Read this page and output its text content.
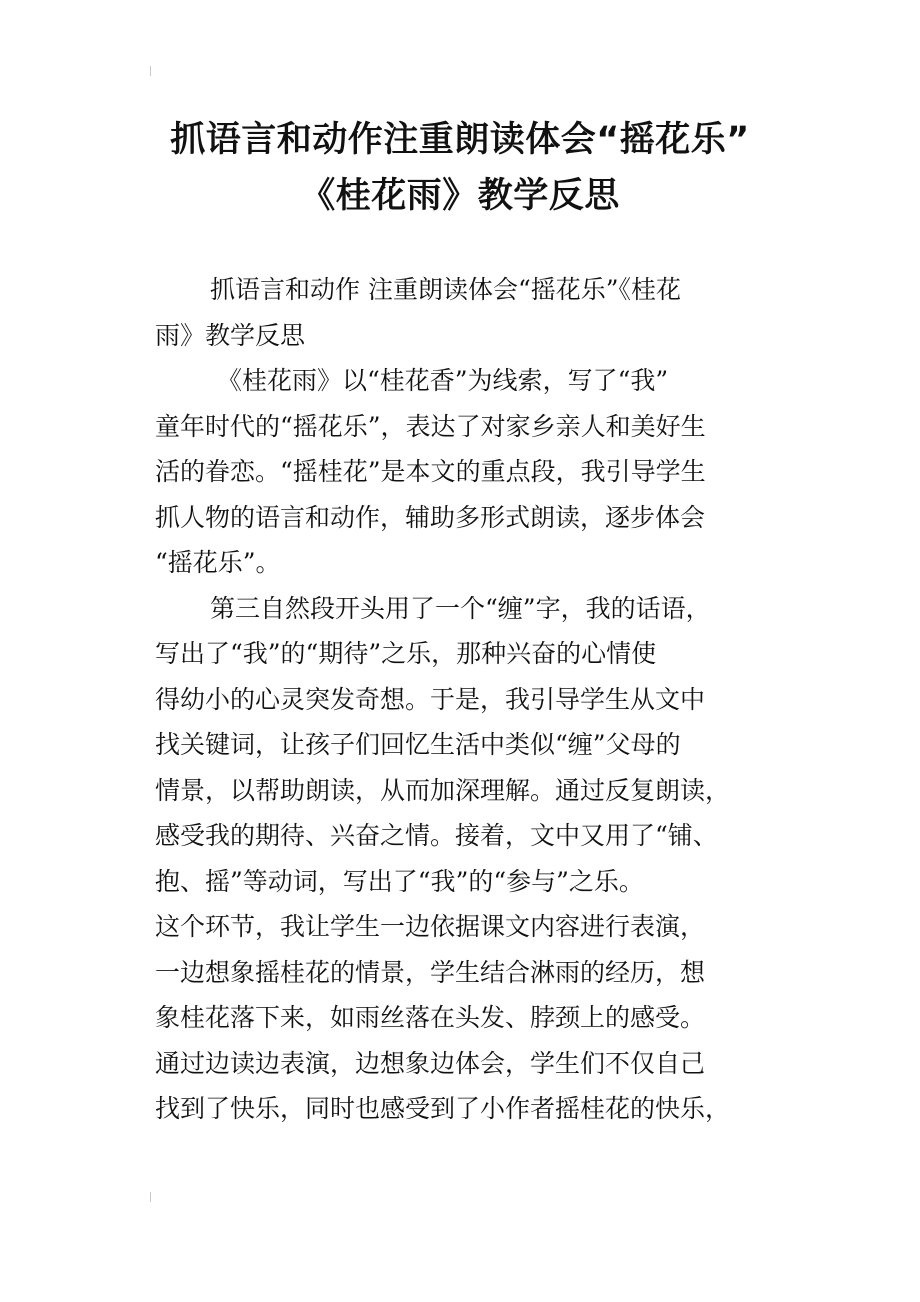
抓语言和动作注重朗读体会“摇花乐”
《桂花雨》教学反思
抓语言和动作 注重朗读体会“摇花乐”《桂花
雨》教学反思
《桂花雨》以“桂花香”为线索，写了“我”
童年时代的“摇花乐”，表达了对家乡亲人和美好生
活的眷恋。“摇桂花”是本文的重点段，我引导学生
抓人物的语言和动作，辅助多形式朗读，逐步体会
“摇花乐”。
第三自然段开头用了一个“缠”字，我的话语，
写出了“我”的“期待”之乐，那种兴奋的心情使
得幼小的心灵突发奇想。于是，我引导学生从文中
找关键词，让孩子们回忆生活中类似“缠”父母的
情景，以帮助朗读，从而加深理解。通过反复朗读，
感受我的期待、兴奋之情。接着，文中又用了“铺、
抱、摇”等动词，写出了“我”的“参与”之乐。
这个环节，我让学生一边依据课文内容进行表演，
一边想象摇桂花的情景，学生结合淋雨的经历，想
象桂花落下来，如雨丝落在头发、脖颈上的感受。
通过边读边表演，边想象边体会，学生们不仅自己
找到了快乐，同时也感受到了小作者摇桂花的快乐，
